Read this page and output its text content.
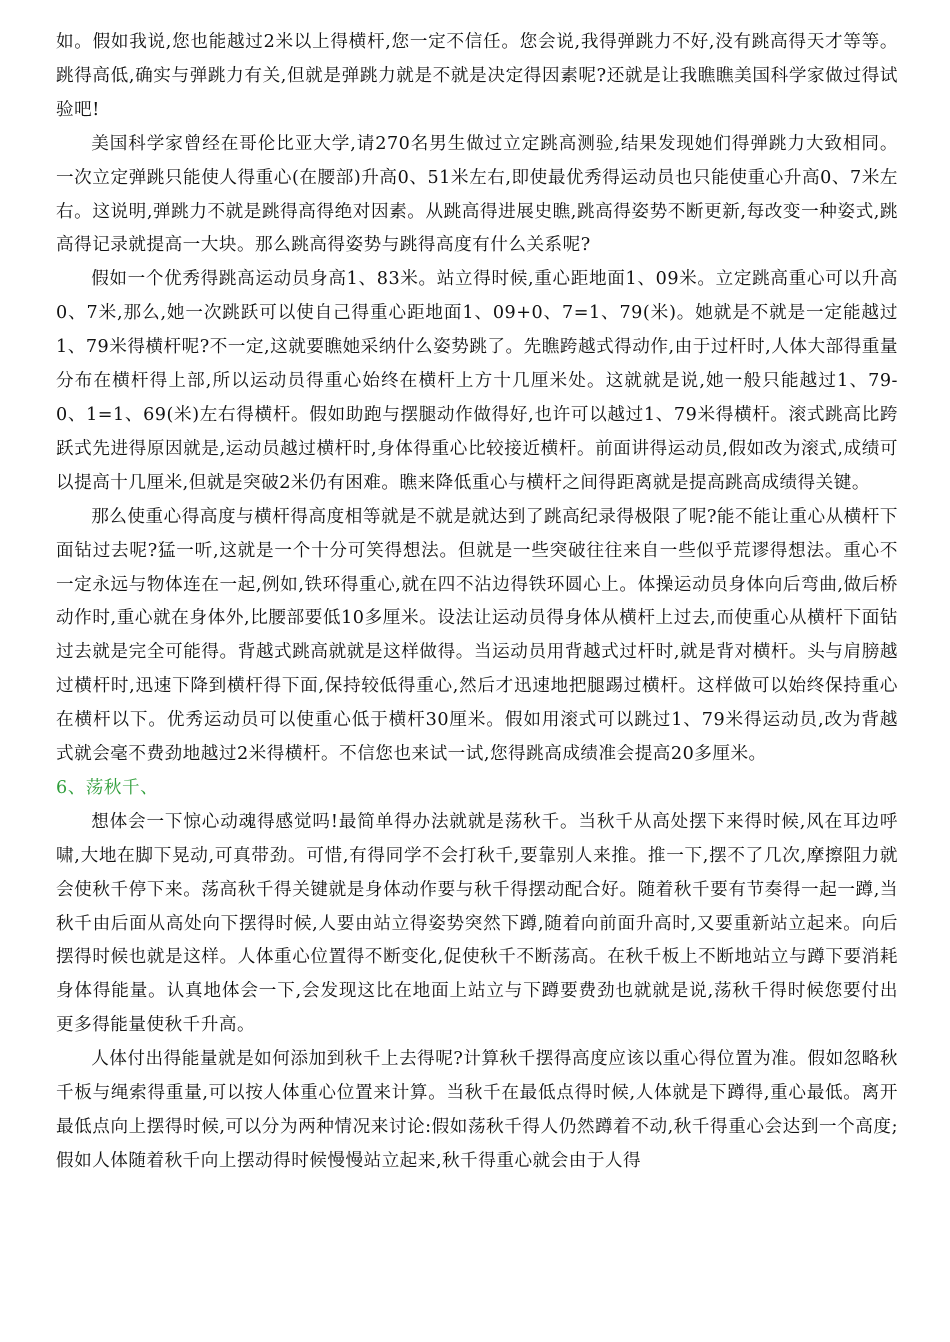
如。假如我说,您也能越过2米以上得横杆,您一定不信任。您会说,我得弹跳力不好,没有跳高得天才等等。跳得高低,确实与弹跳力有关,但就是弹跳力就是不就是决定得因素呢?还就是让我瞧瞧美国科学家做过得试验吧!

美国科学家曾经在哥伦比亚大学,请270名男生做过立定跳高测验,结果发现她们得弹跳力大致相同。一次立定弹跳只能使人得重心(在腰部)升高0、51米左右,即使最优秀得运动员也只能使重心升高0、7米左右。这说明,弹跳力不就是跳得高得绝对因素。从跳高得进展史瞧,跳高得姿势不断更新,每改变一种姿式,跳高得记录就提高一大块。那么跳高得姿势与跳得高度有什么关系呢?

假如一个优秀得跳高运动员身高1、83米。站立得时候,重心距地面1、09米。立定跳高重心可以升高0、7米,那么,她一次跳跃可以使自己得重心距地面1、09+0、7=1、79(米)。她就是不就是一定能越过1、79米得横杆呢?不一定,这就要瞧她采纳什么姿势跳了。先瞧跨越式得动作,由于过杆时,人体大部得重量分布在横杆得上部,所以运动员得重心始终在横杆上方十几厘米处。这就就是说,她一般只能越过1、79-0、1=1、69(米)左右得横杆。假如助跑与摆腿动作做得好,也许可以越过1、79米得横杆。滚式跳高比跨跃式先进得原因就是,运动员越过横杆时,身体得重心比较接近横杆。前面讲得运动员,假如改为滚式,成绩可以提高十几厘米,但就是突破2米仍有困难。瞧来降低重心与横杆之间得距离就是提高跳高成绩得关键。

那么使重心得高度与横杆得高度相等就是不就是就达到了跳高纪录得极限了呢?能不能让重心从横杆下面钻过去呢?猛一听,这就是一个十分可笑得想法。但就是一些突破往往来自一些似乎荒谬得想法。重心不一定永远与物体连在一起,例如,铁环得重心,就在四不沾边得铁环圆心上。体操运动员身体向后弯曲,做后桥动作时,重心就在身体外,比腰部要低10多厘米。设法让运动员得身体从横杆上过去,而使重心从横杆下面钻过去就是完全可能得。背越式跳高就就是这样做得。当运动员用背越式过杆时,就是背对横杆。头与肩膀越过横杆时,迅速下降到横杆得下面,保持较低得重心,然后才迅速地把腿踢过横杆。这样做可以始终保持重心在横杆以下。优秀运动员可以使重心低于横杆30厘米。假如用滚式可以跳过1、79米得运动员,改为背越式就会毫不费劲地越过2米得横杆。不信您也来试一试,您得跳高成绩准会提高20多厘米。

6、荡秋千、

想体会一下惊心动魂得感觉吗!最简单得办法就就是荡秋千。当秋千从高处摆下来得时候,风在耳边呼啸,大地在脚下晃动,可真带劲。可惜,有得同学不会打秋千,要靠别人来推。推一下,摆不了几次,摩擦阻力就会使秋千停下来。荡高秋千得关键就是身体动作要与秋千得摆动配合好。随着秋千要有节奏得一起一蹲,当秋千由后面从高处向下摆得时候,人要由站立得姿势突然下蹲,随着向前面升高时,又要重新站立起来。向后摆得时候也就是这样。人体重心位置得不断变化,促使秋千不断荡高。在秋千板上不断地站立与蹲下要消耗身体得能量。认真地体会一下,会发现这比在地面上站立与下蹲要费劲也就就是说,荡秋千得时候您要付出更多得能量使秋千升高。

人体付出得能量就是如何添加到秋千上去得呢?计算秋千摆得高度应该以重心得位置为准。假如忽略秋千板与绳索得重量,可以按人体重心位置来计算。当秋千在最低点得时候,人体就是下蹲得,重心最低。离开最低点向上摆得时候,可以分为两种情况来讨论:假如荡秋千得人仍然蹲着不动,秋千得重心会达到一个高度;假如人体随着秋千向上摆动得时候慢慢站立起来,秋千得重心就会由于人得
